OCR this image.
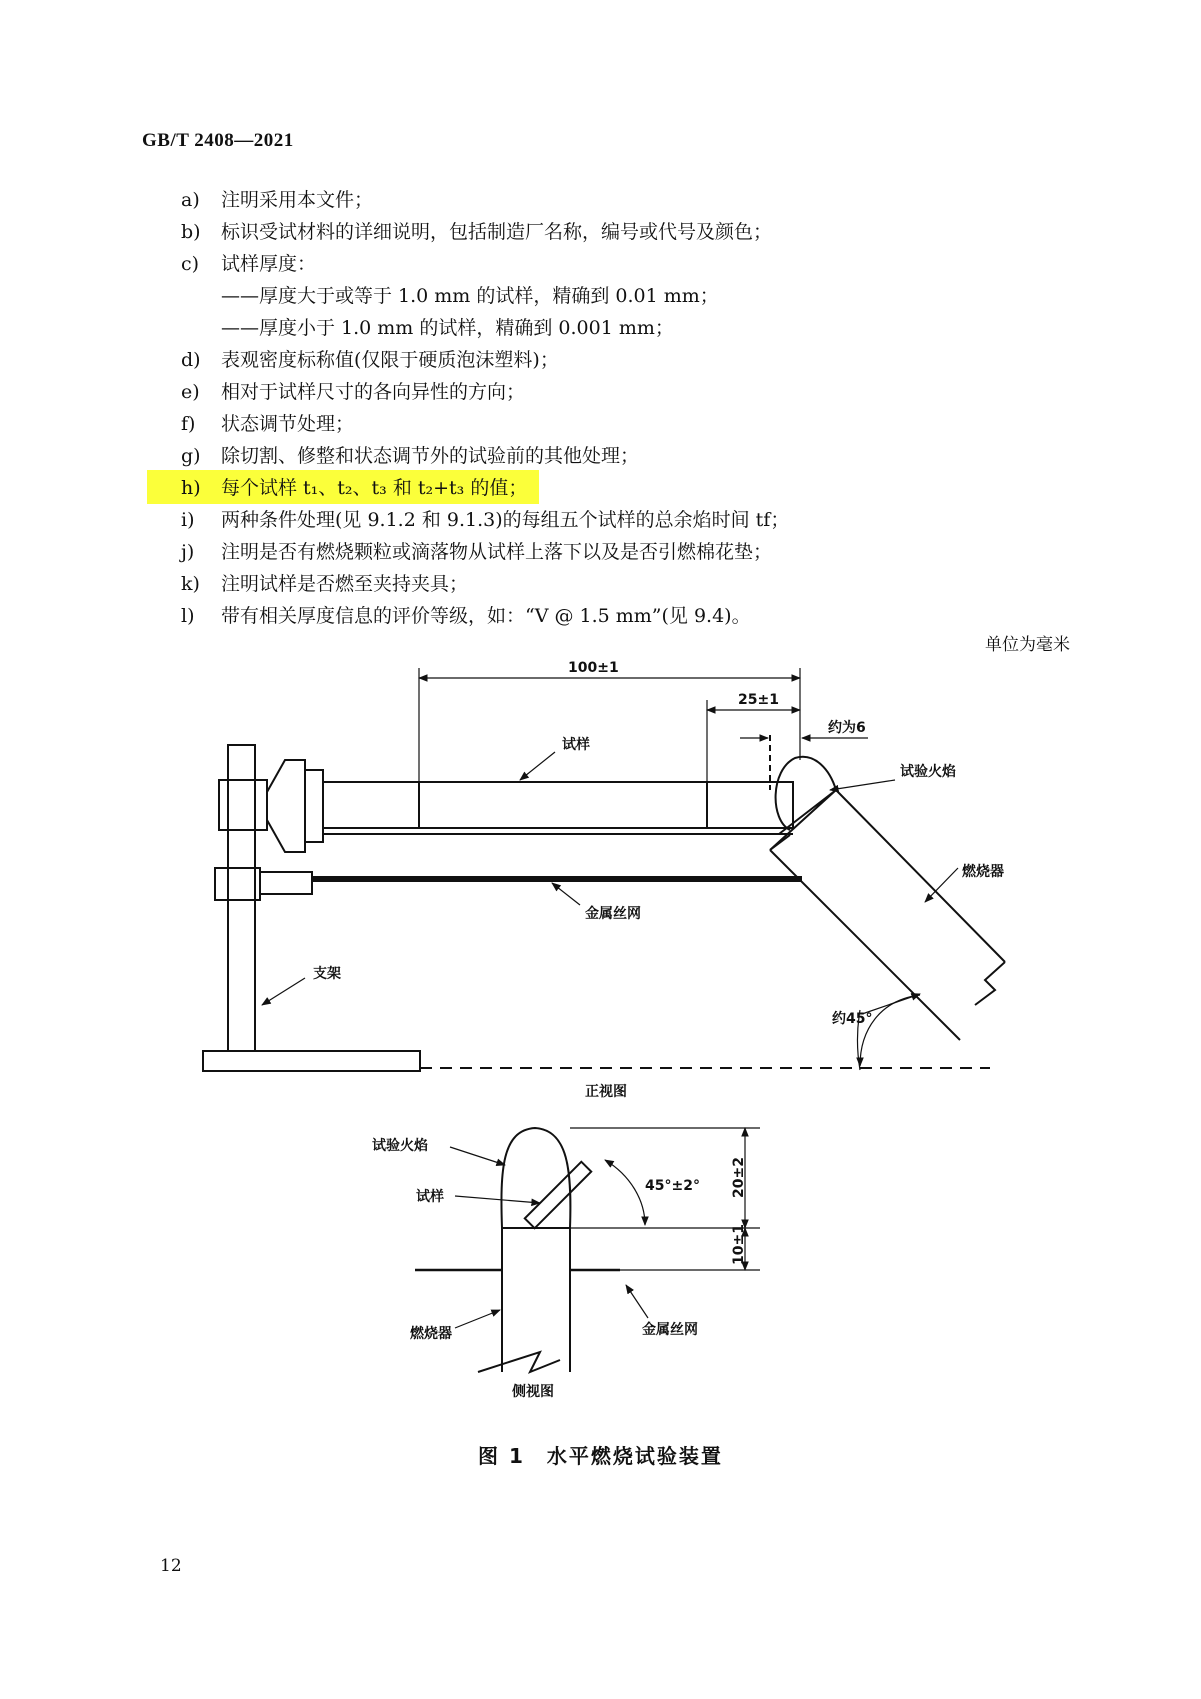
GB/T 2408—2021
a)	注明采用本文件；
b)	标识受试材料的详细说明，包括制造厂名称，编号或代号及颜色；
c)	试样厚度：
——厚度大于或等于 1.0 mm 的试样，精确到 0.01 mm；
——厚度小于 1.0 mm 的试样，精确到 0.001 mm；
d)	表观密度标称值(仅限于硬质泡沫塑料)；
e)	相对于试样尺寸的各向异性的方向；
f)	状态调节处理；
g)	除切割、修整和状态调节外的试验前的其他处理；
h)	每个试样 t₁、t₂、t₃ 和 t₂+t₃ 的值；
i)	两种条件处理(见 9.1.2 和 9.1.3)的每组五个试样的总余焰时间 tf；
j)	注明是否有燃烧颗粒或滴落物从试样上落下以及是否引燃棉花垫；
k)	注明试样是否燃至夹持夹具；
l)	带有相关厚度信息的评价等级，如：“V @ 1.5 mm”(见 9.4)。
单位为毫米
100±1
25±1
约为6
试样
试验火焰
燃烧器
金属丝网
支架
约45°
正视图
试验火焰
试样
45°±2° 20±2
10±1
燃烧器	金属丝网
侧视图
图 1　水平燃烧试验装置
12
